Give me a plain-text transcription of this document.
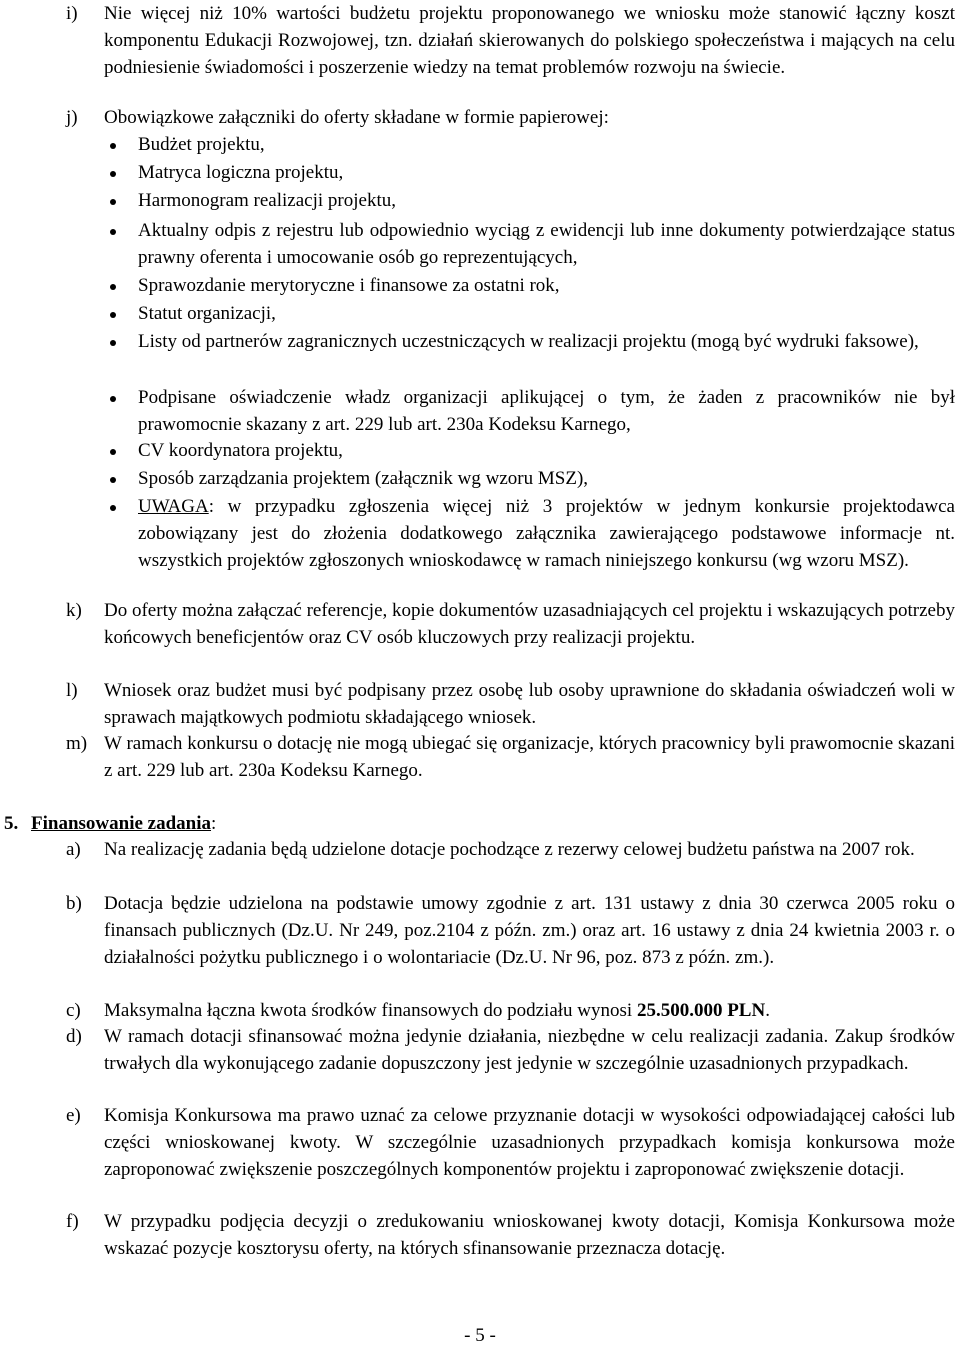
i) Nie więcej niż 10% wartości budżetu projektu proponowanego we wniosku może stanowić łączny koszt komponentu Edukacji Rozwojowej, tzn. działań skierowanych do polskiego społeczeństwa i mających na celu podniesienie świadomości i poszerzenie wiedzy na temat problemów rozwoju na świecie.
j) Obowiązkowe załączniki do oferty składane w formie papierowej:
Budżet projektu,
Matryca logiczna projektu,
Harmonogram realizacji projektu,
Aktualny odpis z rejestru lub odpowiednio wyciąg z ewidencji lub inne dokumenty potwierdzające status prawny oferenta i umocowanie osób go reprezentujących,
Sprawozdanie merytoryczne i finansowe za ostatni rok,
Statut organizacji,
Listy od partnerów zagranicznych uczestniczących w realizacji projektu (mogą być wydruki faksowe),
Podpisane oświadczenie władz organizacji aplikującej o tym, że żaden z pracowników nie był prawomocnie skazany z art. 229 lub art. 230a Kodeksu Karnego,
CV koordynatora projektu,
Sposób zarządzania projektem (załącznik wg wzoru MSZ),
UWAGA: w przypadku zgłoszenia więcej niż 3 projektów w jednym konkursie projektodawca zobowiązany jest do złożenia dodatkowego załącznika zawierającego podstawowe informacje nt. wszystkich projektów zgłoszonych wnioskodawcę w ramach niniejszego konkursu (wg wzoru MSZ).
k) Do oferty można załączać referencje, kopie dokumentów uzasadniających cel projektu i wskazujących potrzeby końcowych beneficjentów oraz CV osób kluczowych przy realizacji projektu.
l) Wniosek oraz budżet musi być podpisany przez osobę lub osoby uprawnione do składania oświadczeń woli w sprawach majątkowych podmiotu składającego wniosek.
m) W ramach konkursu o dotację nie mogą ubiegać się organizacje, których pracownicy byli prawomocnie skazani z art. 229 lub art. 230a Kodeksu Karnego.
5. Finansowanie zadania:
a) Na realizację zadania będą udzielone dotacje pochodzące z rezerwy celowej budżetu państwa na 2007 rok.
b) Dotacja będzie udzielona na podstawie umowy zgodnie z art. 131 ustawy z dnia 30 czerwca 2005 roku o finansach publicznych (Dz.U. Nr 249, poz.2104 z późn. zm.) oraz art. 16 ustawy z dnia 24 kwietnia 2003 r. o działalności pożytku publicznego i o wolontariacie (Dz.U. Nr 96, poz. 873 z późn. zm.).
c) Maksymalna łączna kwota środków finansowych do podziału wynosi 25.500.000 PLN.
d) W ramach dotacji sfinansować można jedynie działania, niezbędne w celu realizacji zadania. Zakup środków trwałych dla wykonującego zadanie dopuszczony jest jedynie w szczególnie uzasadnionych przypadkach.
e) Komisja Konkursowa ma prawo uznać za celowe przyznanie dotacji w wysokości odpowiadającej całości lub części wnioskowanej kwoty. W szczególnie uzasadnionych przypadkach komisja konkursowa może zaproponować zwiększenie poszczególnych komponentów projektu i zaproponować zwiększenie dotacji.
f) W przypadku podjęcia decyzji o zredukowaniu wnioskowanej kwoty dotacji, Komisja Konkursowa może wskazać pozycje kosztorysu oferty, na których sfinansowanie przeznacza dotację.
- 5 -
